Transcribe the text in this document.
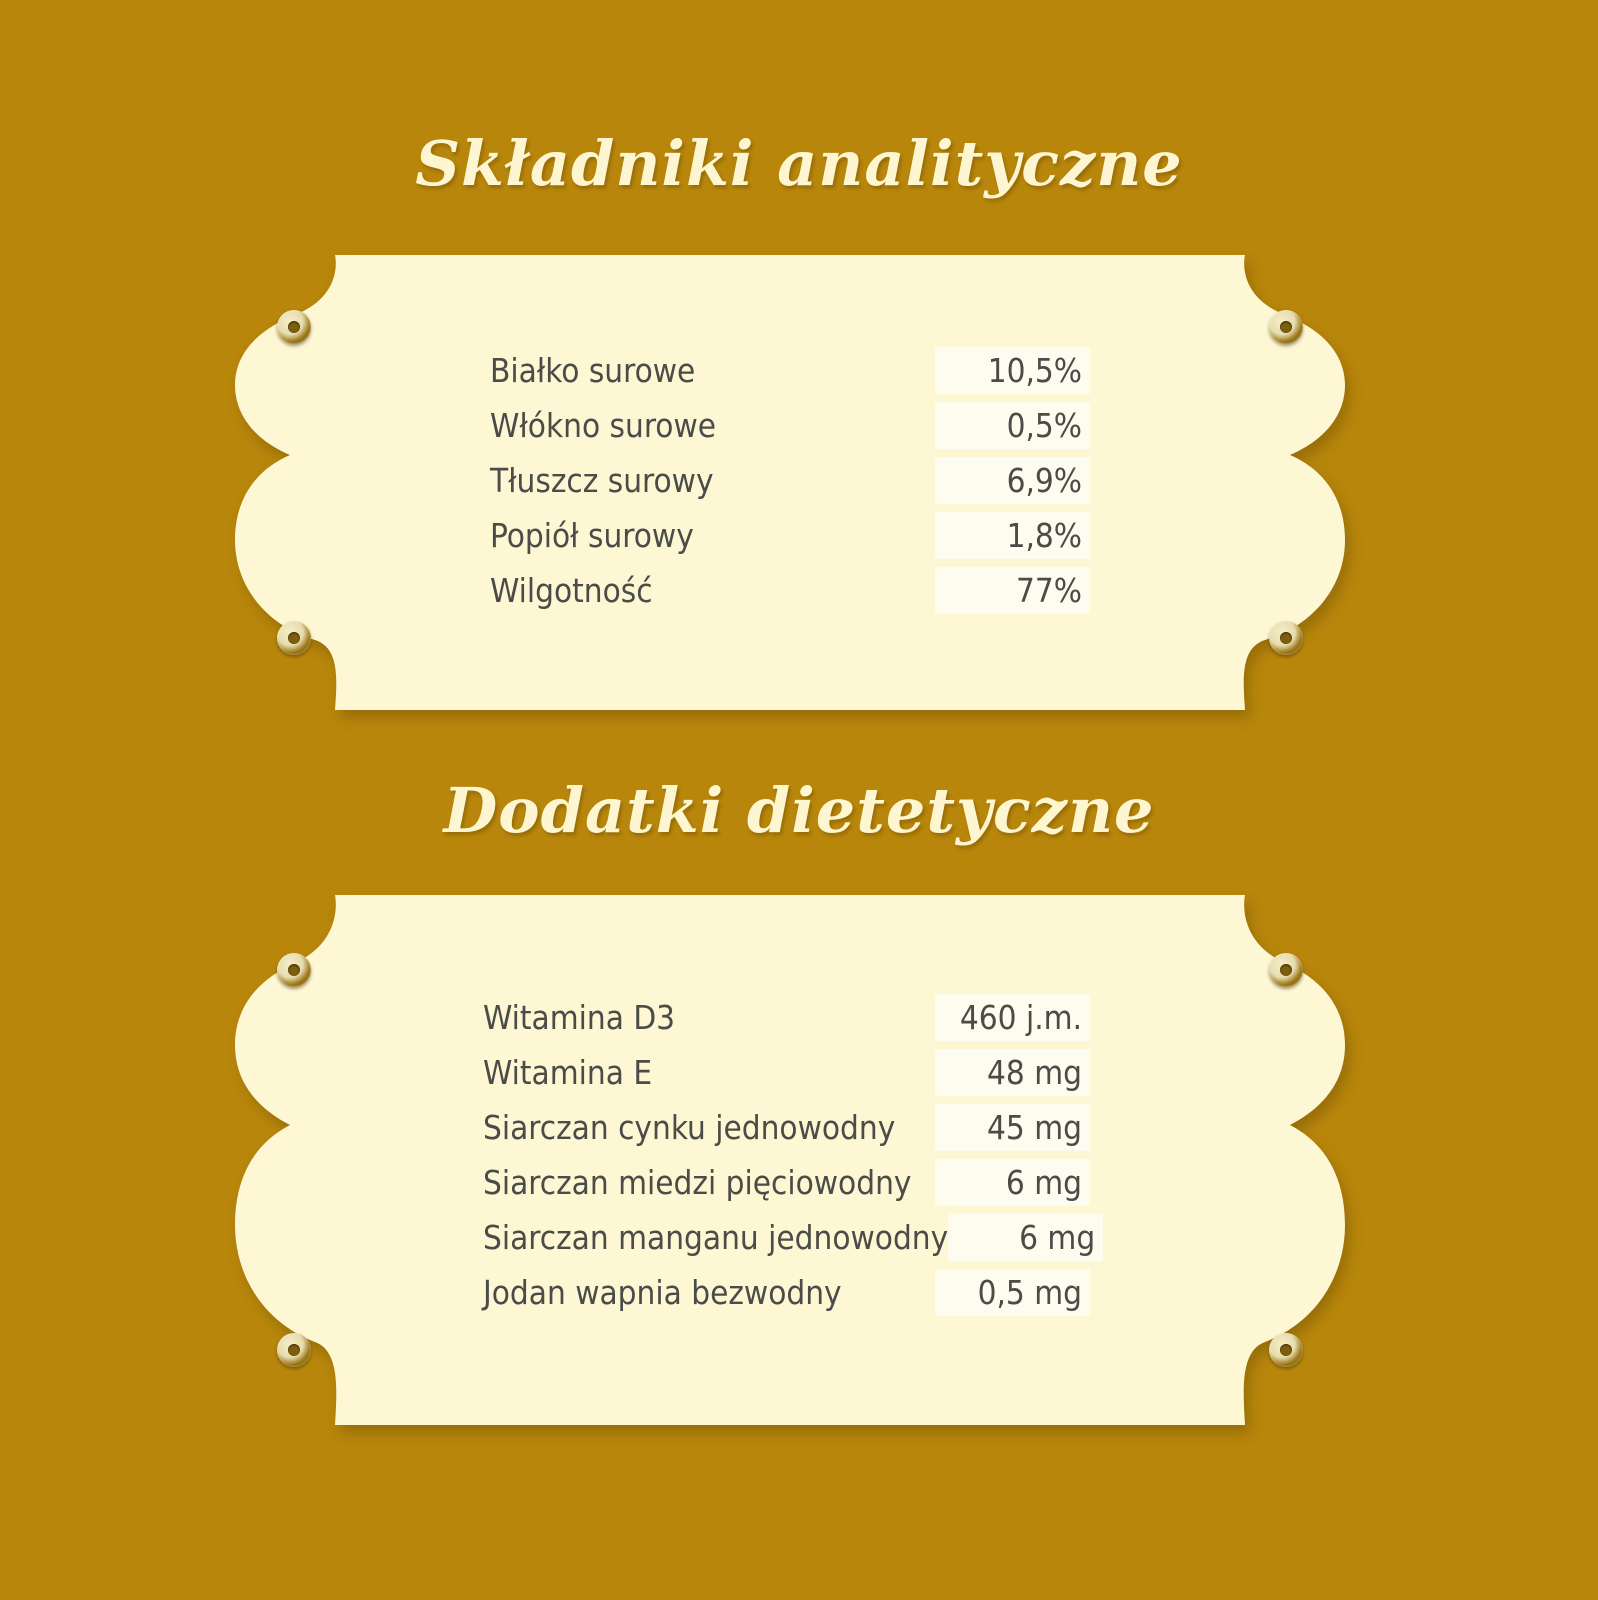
Składniki analityczne
Białko surowe	10,5%
Włókno surowe	0,5%
Tłuszcz surowy	6,9%
Popiół surowy	1,8%
Wilgotność	77%
Dodatki dietetyczne
Witamina D3	460 j.m.
Witamina E	48 mg
Siarczan cynku jednowodny	45 mg
Siarczan miedzi pięciowodny	6 mg
Siarczan manganu jednowodny	6 mg
Jodan wapnia bezwodny	0,5 mg
